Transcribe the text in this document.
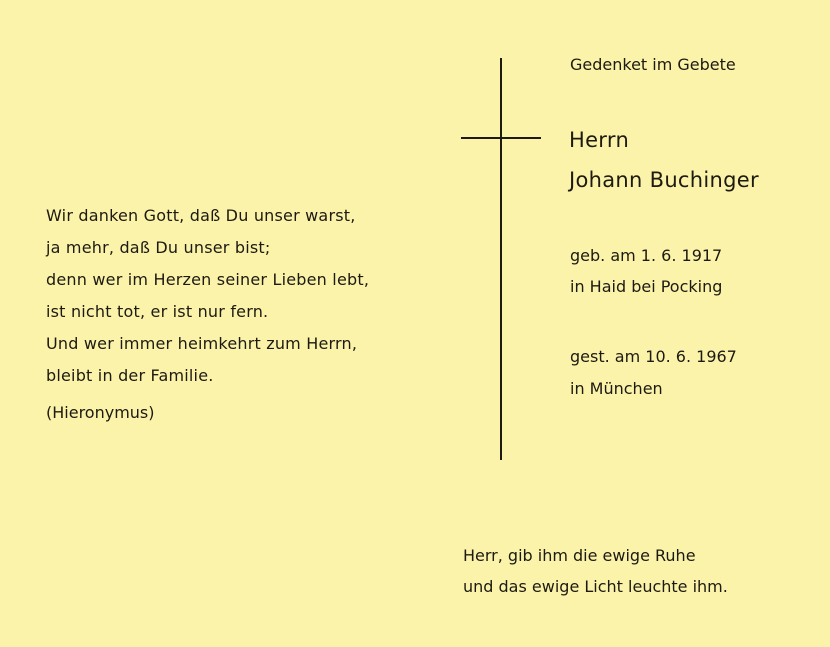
Wir danken Gott, daß Du unser warst,
ja mehr, daß Du unser bist;
denn wer im Herzen seiner Lieben lebt,
ist nicht tot, er ist nur fern.
Und wer immer heimkehrt zum Herrn,
bleibt in der Familie.
(Hieronymus)
Gedenket im Gebete
Herrn
Johann Buchinger
geb. am 1. 6. 1917
in Haid bei Pocking
gest. am 10. 6. 1967
in München
Herr, gib ihm die ewige Ruhe
und das ewige Licht leuchte ihm.
